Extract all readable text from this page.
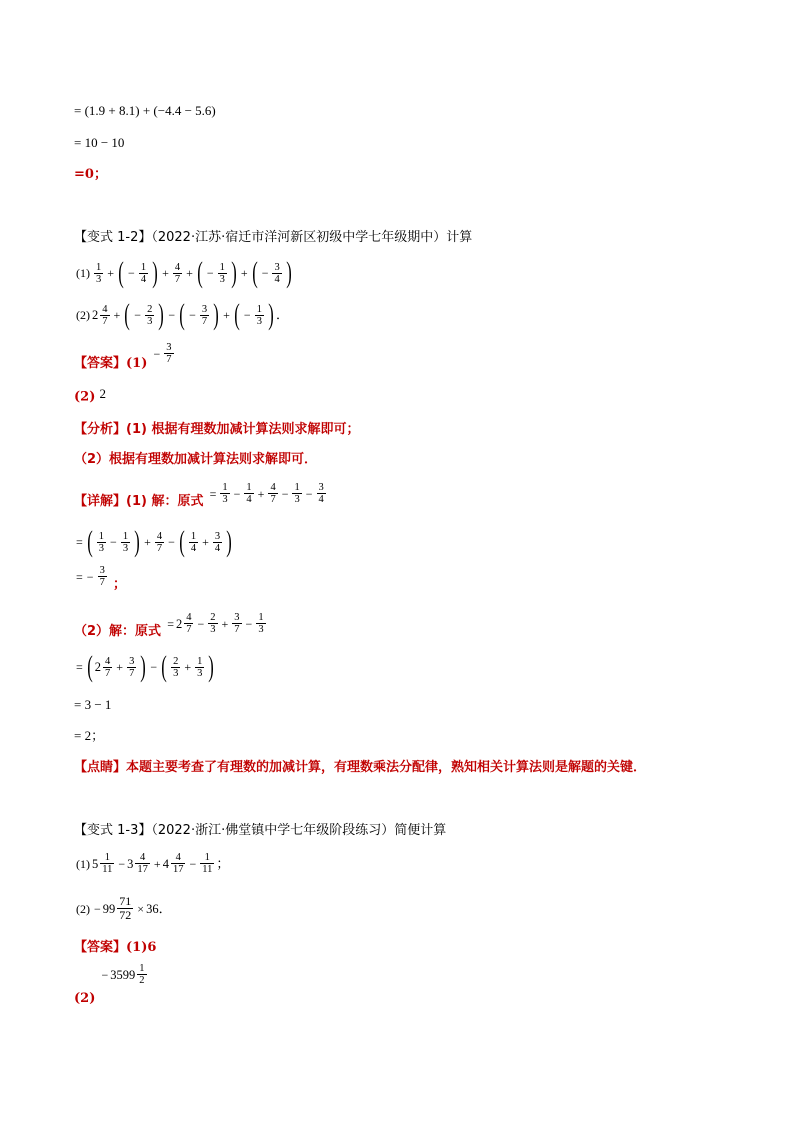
= (1.9 + 8.1) + (−4.4 − 5.6)
= 10 − 10
=0；
【变式 1-2】（2022·江苏·宿迁市洋河新区初级中学七年级期中）计算
(1) 1
3 + ( − $\frac{1}{4}$ ) + $\frac{4}{7}$ + ( − $\frac{1}{3}$ ) + ( − $\frac{3}{4}$ )
(2) 2 4
7 + ( − $\frac{2}{3}$ ) − ( − $\frac{3}{7}$ ) + ( − $\frac{1}{3}$ ) ．
【答案】(1)
− $\frac{3}{7}$
(2) 2
【分析】(1) 根据有理数加减计算法则求解即可；
（2）根据有理数加减计算法则求解即可．
【详解】(1) 解：原式
= $\frac{1}{3} - \frac{1}{4} + \frac{4}{7} - \frac{1}{3} - \frac{3}{4}$
= ( 1
$3 - \frac{1}{3}$ ) + $\frac{4}{7}$ − ( 1
$4 + \frac{3}{4}$ )
= − $\frac{3}{7}$ ；
（2）解：原式
= 2 4
$7 - \frac{2}{3} + \frac{3}{7} - \frac{1}{3}$
= ( 2 4
$7 + \frac{3}{7}$ ) − ( 2
$3 + \frac{1}{3}$ )
= 3 − 1
= 2；
【点睛】本题主要考查了有理数的加减计算，有理数乘法分配律，熟知相关计算法则是解题的关键．
【变式 1-3】（2022·浙江·佛堂镇中学七年级阶段练习）简便计算
(1) 5 1
11 − 3 4
17 + 4 4
$17 - \frac{1}{11}$ ；
$(2) - 99 \frac{71}{72} \times 36$ ．
【答案】(1)6
(2)
− 3599 1
2
